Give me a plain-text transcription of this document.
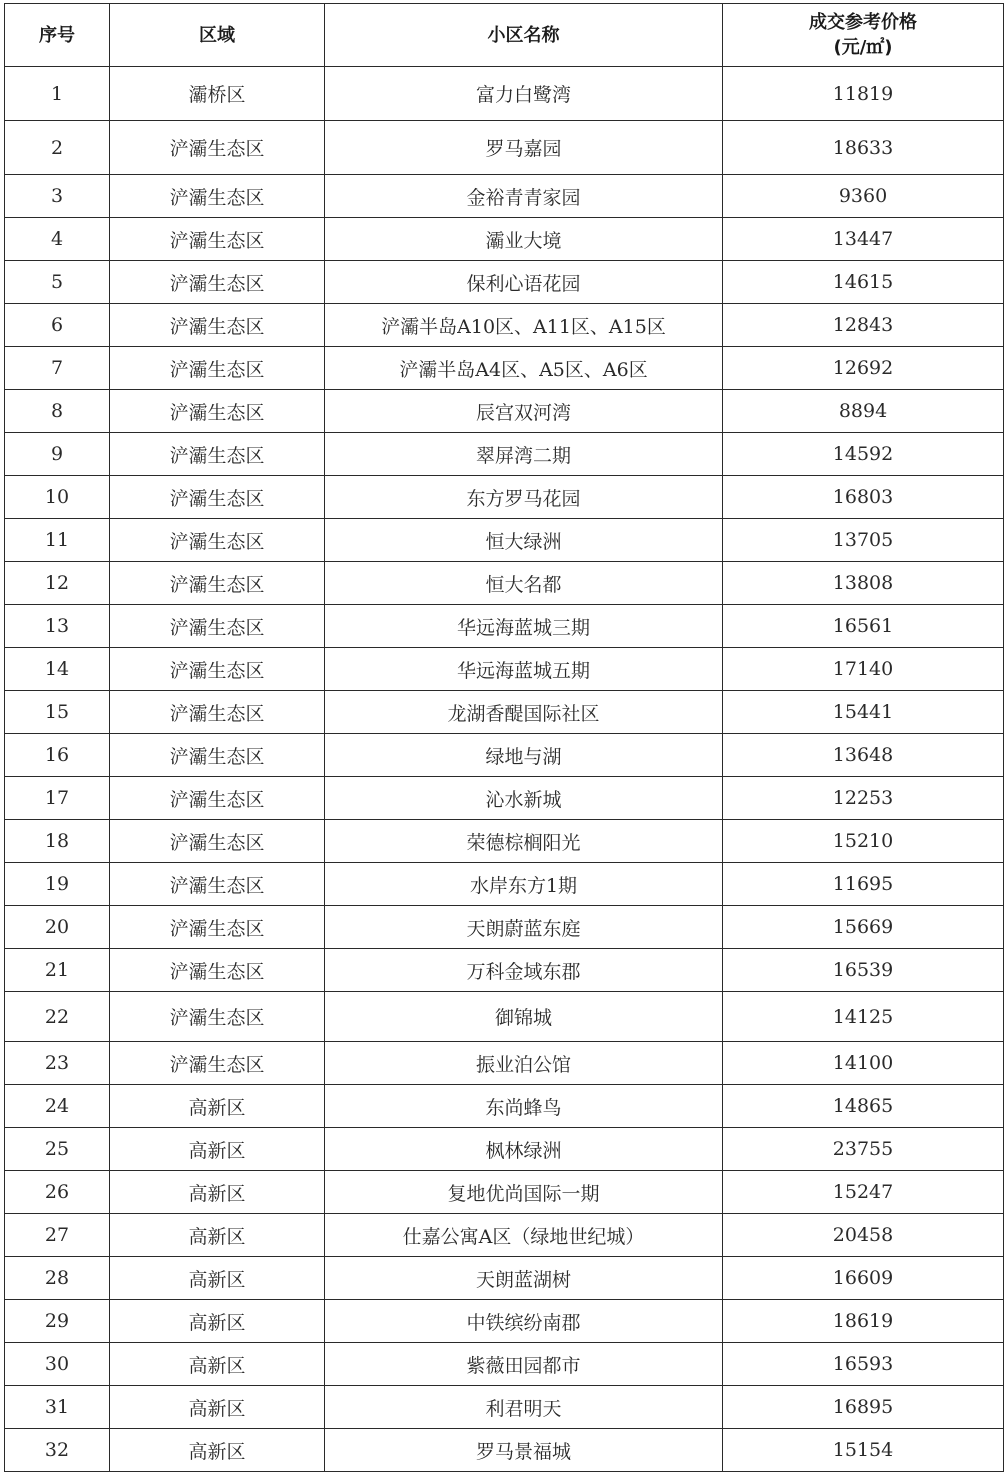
序号	区域	小区名称	成交参考价格
(元/㎡)

1	灞桥区	富力白鹭湾	11819
2	浐灞生态区	罗马嘉园	18633
3	浐灞生态区	金裕青青家园	9360
4	浐灞生态区	灞业大境	13447
5	浐灞生态区	保利心语花园	14615
6	浐灞生态区	浐灞半岛A10区、A11区、A15区	12843
7	浐灞生态区	浐灞半岛A4区、A5区、A6区	12692
8	浐灞生态区	辰宫双河湾	8894
9	浐灞生态区	翠屏湾二期	14592
10	浐灞生态区	东方罗马花园	16803
11	浐灞生态区	恒大绿洲	13705
12	浐灞生态区	恒大名都	13808
13	浐灞生态区	华远海蓝城三期	16561
14	浐灞生态区	华远海蓝城五期	17140
15	浐灞生态区	龙湖香醍国际社区	15441
16	浐灞生态区	绿地与湖	13648
17	浐灞生态区	沁水新城	12253
18	浐灞生态区	荣德棕榈阳光	15210
19	浐灞生态区	水岸东方1期	11695
20	浐灞生态区	天朗蔚蓝东庭	15669
21	浐灞生态区	万科金域东郡	16539
22	浐灞生态区	御锦城	14125
23	浐灞生态区	振业泊公馆	14100
24	高新区	东尚蜂鸟	14865
25	高新区	枫林绿洲	23755
26	高新区	复地优尚国际一期	15247
27	高新区	仕嘉公寓A区（绿地世纪城）	20458
28	高新区	天朗蓝湖树	16609
29	高新区	中铁缤纷南郡	18619
30	高新区	紫薇田园都市	16593
31	高新区	利君明天	16895
32	高新区	罗马景福城	15154
